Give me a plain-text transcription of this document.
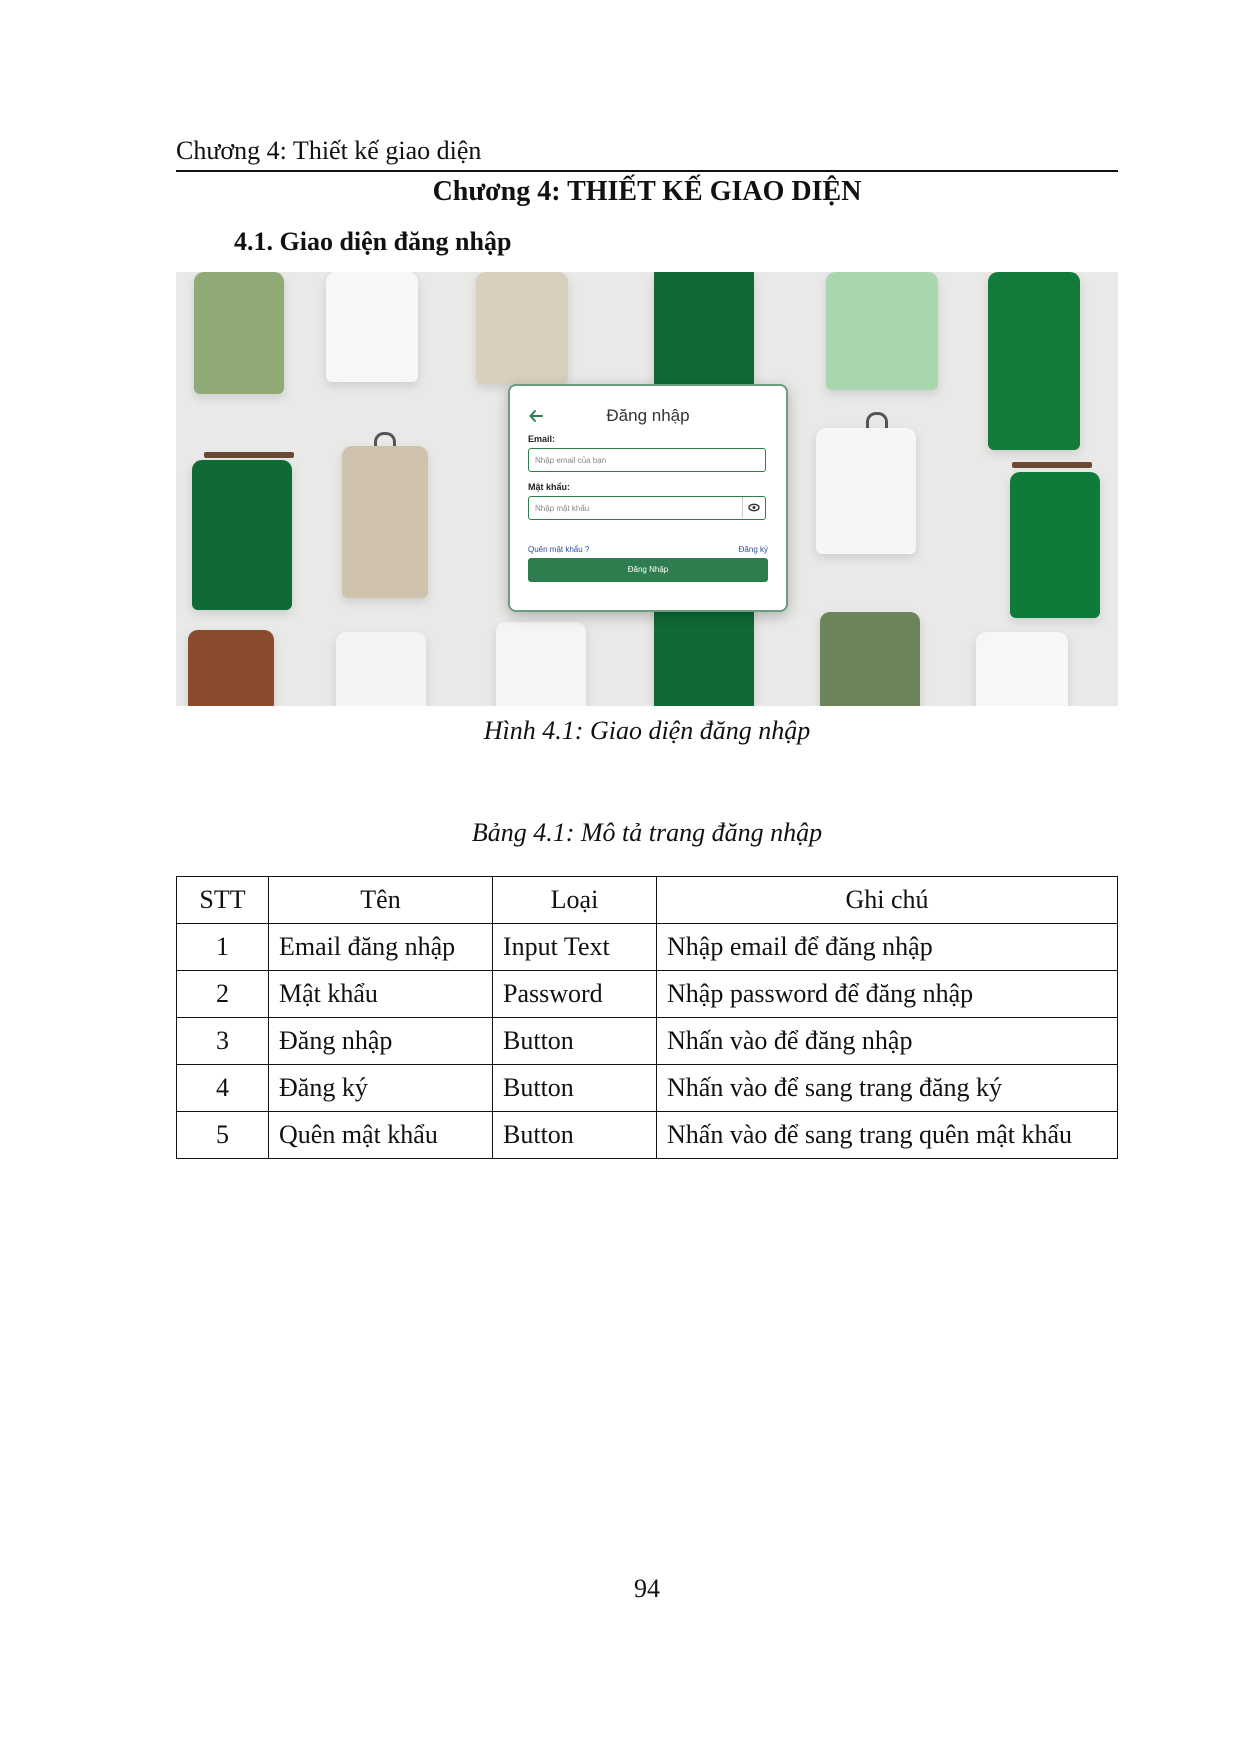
Chương 4: Thiết kế giao diện
Chương 4: THIẾT KẾ GIAO DIỆN
4.1. Giao diện đăng nhập
Đăng nhập
Email:
Nhập email của bạn
Mật khẩu:
Nhập mật khẩu
Quên mật khẩu ?	Đăng ký
Đăng Nhập
Hình 4.1: Giao diện đăng nhập
Bảng 4.1: Mô tả trang đăng nhập
STT	Tên	Loại	Ghi chú
1	Email đăng nhập	Input Text	Nhập email để đăng nhập
2	Mật khẩu	Password	Nhập password để đăng nhập
3	Đăng nhập	Button	Nhấn vào để đăng nhập
4	Đăng ký	Button	Nhấn vào để sang trang đăng ký
5	Quên mật khẩu	Button	Nhấn vào để sang trang quên mật khẩu
94
